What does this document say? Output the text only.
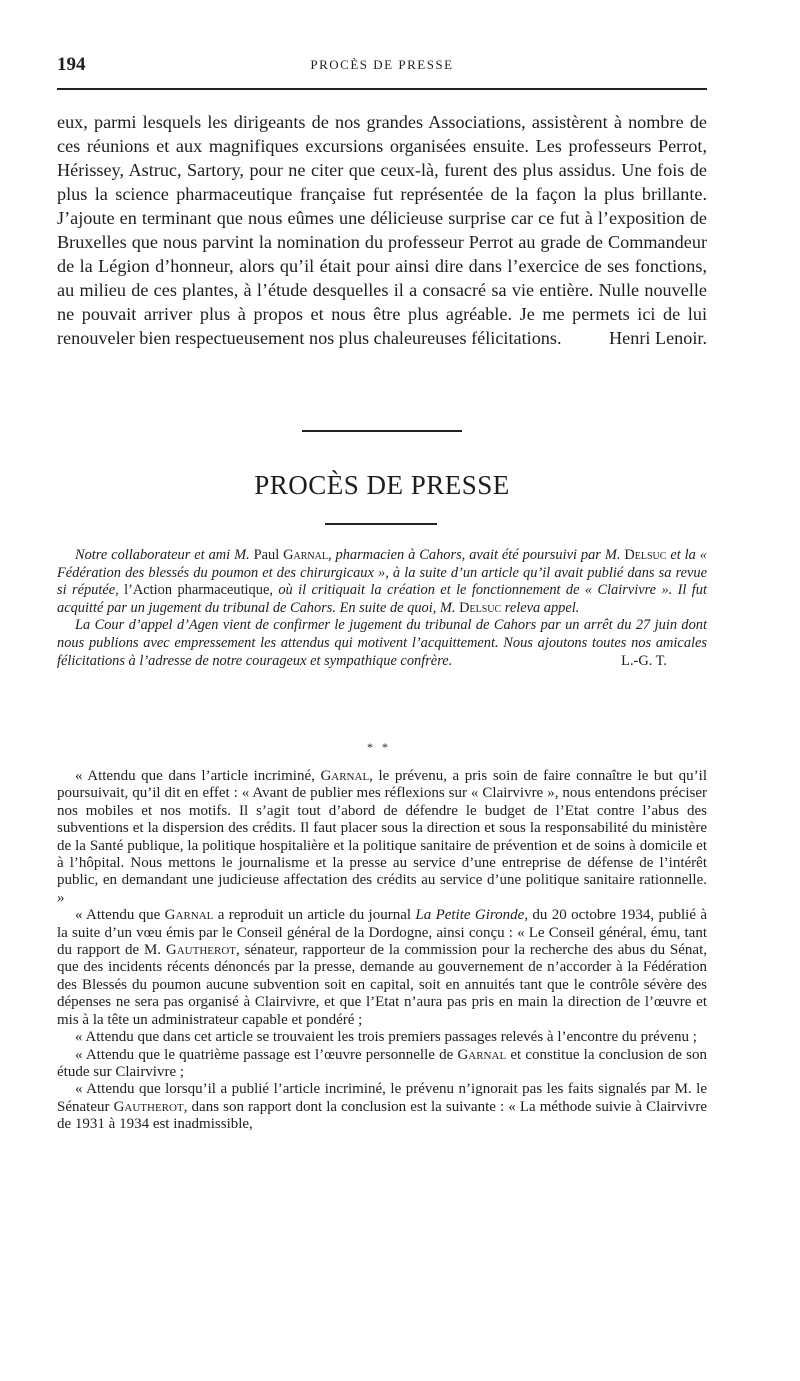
194	PROCÈS DE PRESSE
eux, parmi lesquels les dirigeants de nos grandes Associations, assistèrent à nombre de ces réunions et aux magnifiques excursions organisées ensuite. Les professeurs Perrot, Hérissey, Astruc, Sartory, pour ne citer que ceux-là, furent des plus assidus. Une fois de plus la science pharmaceutique française fut représentée de la façon la plus brillante. J’ajoute en terminant que nous eûmes une délicieuse surprise car ce fut à l’exposition de Bruxelles que nous parvint la nomination du professeur Perrot au grade de Commandeur de la Légion d’honneur, alors qu’il était pour ainsi dire dans l’exercice de ses fonctions, au milieu de ces plantes, à l’étude desquelles il a consacré sa vie entière. Nulle nouvelle ne pouvait arriver plus à propos et nous être plus agréable. Je me permets ici de lui renouveler bien respectueusement nos plus chaleureuses félicitations.	Henri Lenoir.
PROCÈS DE PRESSE

Notre collaborateur et ami M. Paul Garnal, pharmacien à Cahors, avait été poursuivi par M. Delsuc et la « Fédération des blessés du poumon et des chirurgicaux », à la suite d’un article qu’il avait publié dans sa revue si réputée, l’Action pharmaceutique, où il critiquait la création et le fonctionnement de « Clairvivre ». Il fut acquitté par un jugement du tribunal de Cahors. En suite de quoi, M. Delsuc releva appel.

La Cour d’appel d’Agen vient de confirmer le jugement du tribunal de Cahors par un arrêt du 27 juin dont nous publions avec empressement les attendus qui motivent l’acquittement. Nous ajoutons toutes nos amicales félicitations à l’adresse de notre courageux et sympathique confrère.	L.-G. T.

* *

« Attendu que dans l’article incriminé, Garnal, le prévenu, a pris soin de faire connaître le but qu’il poursuivait, qu’il dit en effet : « Avant de publier mes réflexions sur « Clairvivre », nous entendons préciser nos mobiles et nos motifs. Il s’agit tout d’abord de défendre le budget de l’Etat contre l’abus des subventions et la dispersion des crédits. Il faut placer sous la direction et sous la responsabilité du ministère de la Santé publique, la politique hospitalière et la politique sanitaire de prévention et de soins à domicile et à l’hôpital. Nous mettons le journalisme et la presse au service d’une entreprise de défense de l’intérêt public, en demandant une judicieuse affectation des crédits au service d’une politique sanitaire rationnelle. »

« Attendu que Garnal a reproduit un article du journal La Petite Gironde, du 20 octobre 1934, publié à la suite d’un vœu émis par le Conseil général de la Dordogne, ainsi conçu : « Le Conseil général, ému, tant du rapport de M. Gautherot, sénateur, rapporteur de la commission pour la recherche des abus du Sénat, que des incidents récents dénoncés par la presse, demande au gouvernement de n’accorder à la Fédération des Blessés du poumon aucune subvention soit en capital, soit en annuités tant que le contrôle sévère des dépenses ne sera pas organisé à Clairvivre, et que l’Etat n’aura pas pris en main la direction de l’œuvre et mis à la tête un administrateur capable et pondéré ;

« Attendu que dans cet article se trouvaient les trois premiers passages relevés à l’encontre du prévenu ;

« Attendu que le quatrième passage est l’œuvre personnelle de Garnal et constitue la conclusion de son étude sur Clairvivre ;

« Attendu que lorsqu’il a publié l’article incriminé, le prévenu n’ignorait pas les faits signalés par M. le Sénateur Gautherot, dans son rapport dont la conclusion est la suivante : « La méthode suivie à Clairvivre de 1931 à 1934 est inadmissible,
